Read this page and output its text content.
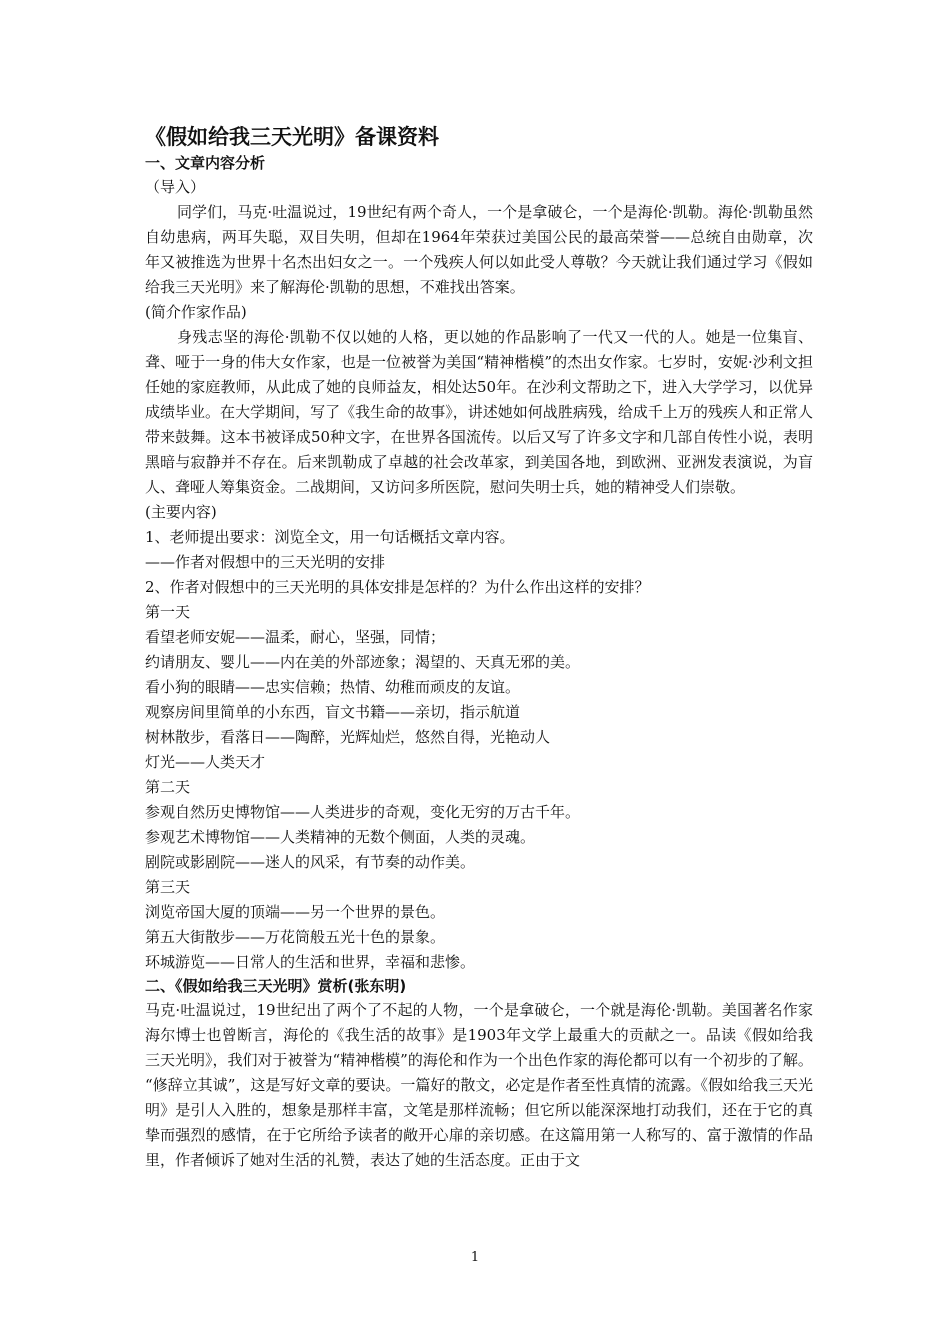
《假如给我三天光明》备课资料

一、文章内容分析

（导入）

同学们，马克·吐温说过，19世纪有两个奇人，一个是拿破仑，一个是海伦·凯勒。海伦·凯勒虽然自幼患病，两耳失聪，双目失明，但却在1964年荣获过美国公民的最高荣誉——总统自由勋章，次年又被推选为世界十名杰出妇女之一。一个残疾人何以如此受人尊敬？今天就让我们通过学习《假如给我三天光明》来了解海伦·凯勒的思想，不难找出答案。

(简介作家作品)

身残志坚的海伦·凯勒不仅以她的人格，更以她的作品影响了一代又一代的人。她是一位集盲、聋、哑于一身的伟大女作家，也是一位被誉为美国“精神楷模”的杰出女作家。七岁时，安妮·沙利文担任她的家庭教师，从此成了她的良师益友，相处达50年。在沙利文帮助之下，进入大学学习，以优异成绩毕业。在大学期间，写了《我生命的故事》，讲述她如何战胜病残，给成千上万的残疾人和正常人带来鼓舞。这本书被译成50种文字，在世界各国流传。以后又写了许多文字和几部自传性小说，表明黑暗与寂静并不存在。后来凯勒成了卓越的社会改革家，到美国各地，到欧洲、亚洲发表演说，为盲人、聋哑人筹集资金。二战期间，又访问多所医院，慰问失明士兵，她的精神受人们崇敬。

(主要内容)

1、老师提出要求：浏览全文，用一句话概括文章内容。

——作者对假想中的三天光明的安排

2、作者对假想中的三天光明的具体安排是怎样的？为什么作出这样的安排？

第一天

看望老师安妮——温柔，耐心，坚强，同情；

约请朋友、婴儿——内在美的外部迹象；渴望的、天真无邪的美。

看小狗的眼睛——忠实信赖；热情、幼稚而顽皮的友谊。

观察房间里简单的小东西，盲文书籍——亲切，指示航道

树林散步，看落日——陶醉，光辉灿烂，悠然自得，光艳动人

灯光——人类天才

第二天

参观自然历史博物馆——人类进步的奇观，变化无穷的万古千年。

参观艺术博物馆——人类精神的无数个侧面，人类的灵魂。

剧院或影剧院——迷人的风采，有节奏的动作美。

第三天

浏览帝国大厦的顶端——另一个世界的景色。

第五大街散步——万花筒般五光十色的景象。

环城游览——日常人的生活和世界，幸福和悲惨。

二、《假如给我三天光明》赏析(张东明)

马克·吐温说过，19世纪出了两个了不起的人物，一个是拿破仑，一个就是海伦·凯勒。美国著名作家海尔博士也曾断言，海伦的《我生活的故事》是1903年文学上最重大的贡献之一。品读《假如给我三天光明》，我们对于被誉为“精神楷模”的海伦和作为一个出色作家的海伦都可以有一个初步的了解。

“修辞立其诚”，这是写好文章的要诀。一篇好的散文，必定是作者至性真情的流露。《假如给我三天光明》是引人入胜的，想象是那样丰富，文笔是那样流畅；但它所以能深深地打动我们，还在于它的真挚而强烈的感情，在于它所给予读者的敞开心扉的亲切感。在这篇用第一人称写的、富于激情的作品里，作者倾诉了她对生活的礼赞，表达了她的生活态度。正由于文

1
